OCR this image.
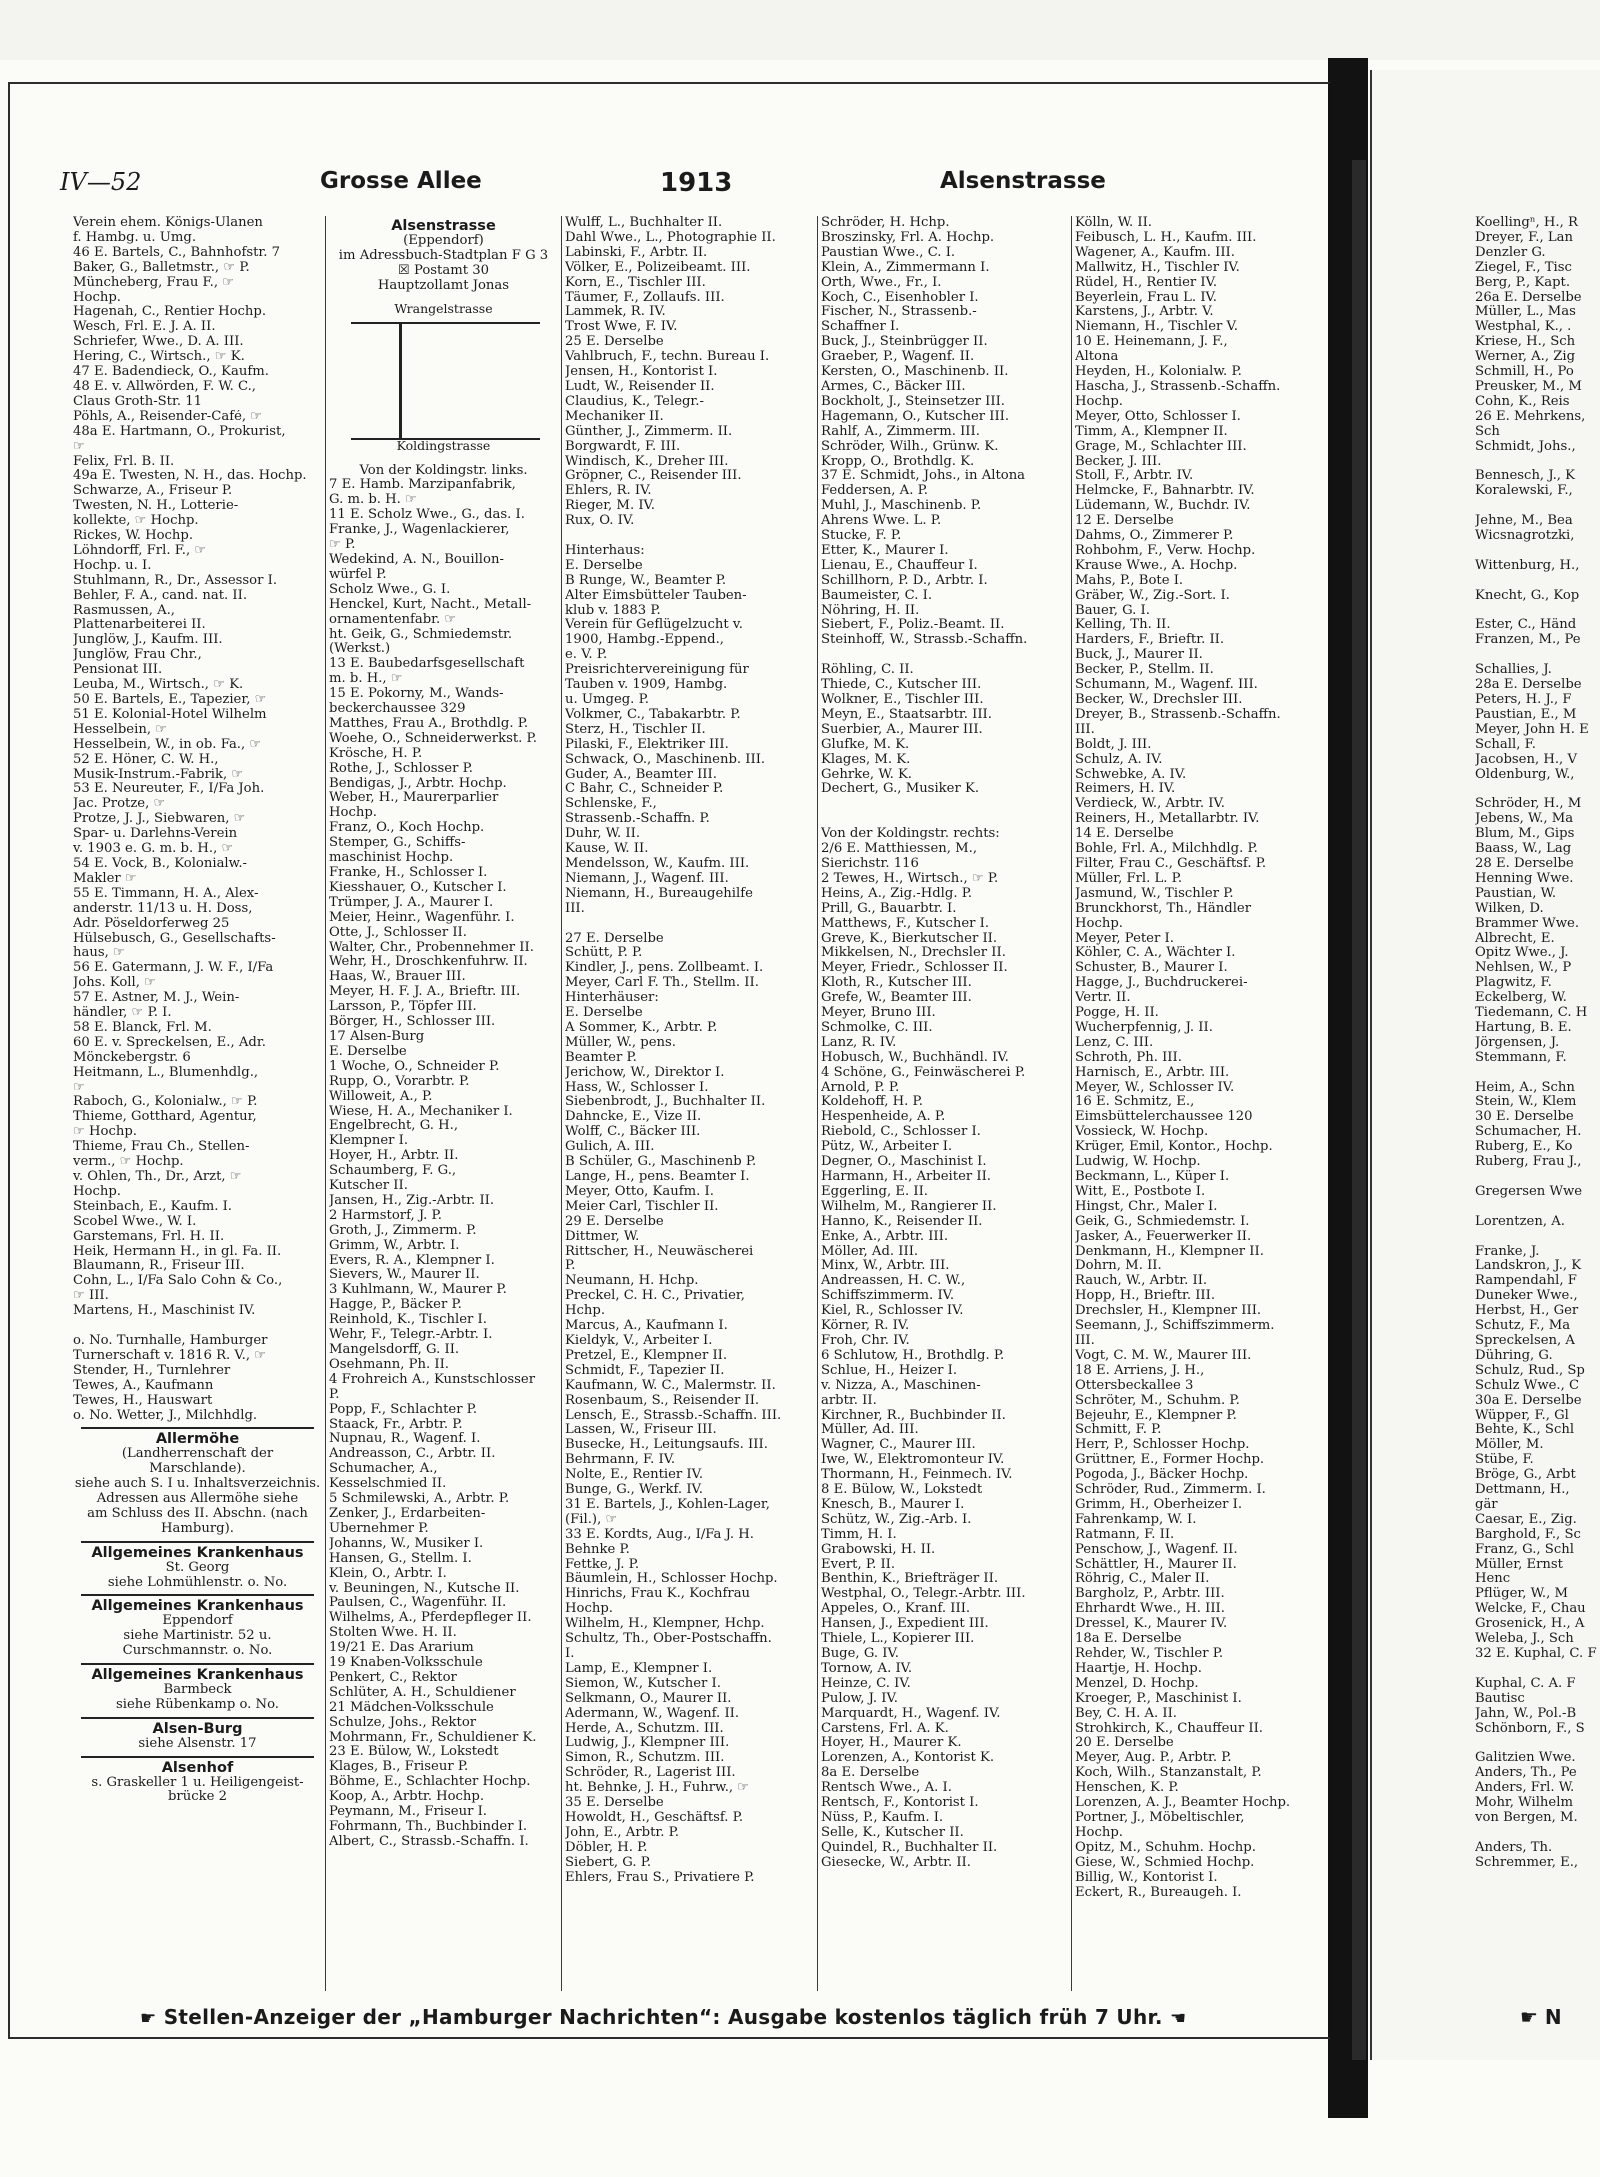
IV—52	Grosse Allee	1913	Alsenstrasse
Verein ehem. Königs-Ulanen
f. Hambg. u. Umg.
46 E. Bartels, C., Bahnhofstr. 7
Baker, G., Balletmstr., ☞ P.
Müncheberg, Frau F., ☞
Hochp.
Hagenah, C., Rentier Hochp.
Wesch, Frl. E. J. A. II.
Schriefer, Wwe., D. A. III.
Hering, C., Wirtsch., ☞ K.
47 E. Badendieck, O., Kaufm.
48 E. v. Allwörden, F. W. C.,
Claus Groth-Str. 11
Pöhls, A., Reisender-Café, ☞
48a E. Hartmann, O., Prokurist,
☞
Felix, Frl. B. II.
49a E. Twesten, N. H., das. Hochp.
Schwarze, A., Friseur P.
Twesten, N. H., Lotterie-
kollekte, ☞ Hochp.
Rickes, W. Hochp.
Löhndorff, Frl. F., ☞
Hochp. u. I.
Stuhlmann, R., Dr., Assessor I.
Behler, F. A., cand. nat. II.
Rasmussen, A.,
Plattenarbeiterei II.
Junglöw, J., Kaufm. III.
Junglöw, Frau Chr.,
Pensionat III.
Leuba, M., Wirtsch., ☞ K.
50 E. Bartels, E., Tapezier, ☞
51 E. Kolonial-Hotel Wilhelm
Hesselbein, ☞
Hesselbein, W., in ob. Fa., ☞
52 E. Höner, C. W. H.,
Musik-Instrum.-Fabrik, ☞
53 E. Neureuter, F., I/Fa Joh.
Jac. Protze, ☞
Protze, J. J., Siebwaren, ☞
Spar- u. Darlehns-Verein
v. 1903 e. G. m. b. H., ☞
54 E. Vock, B., Kolonialw.-
Makler ☞
55 E. Timmann, H. A., Alex-
anderstr. 11/13 u. H. Doss,
Adr. Pöseldorferweg 25
Hülsebusch, G., Gesellschafts-
haus, ☞
56 E. Gatermann, J. W. F., I/Fa
Johs. Koll, ☞
57 E. Astner, M. J., Wein-
händler, ☞ P. I.
58 E. Blanck, Frl. M.
60 E. v. Spreckelsen, E., Adr.
Mönckebergstr. 6
Heitmann, L., Blumenhdlg.,
☞
Raboch, G., Kolonialw., ☞ P.
Thieme, Gotthard, Agentur,
☞ Hochp.
Thieme, Frau Ch., Stellen-
verm., ☞ Hochp.
v. Ohlen, Th., Dr., Arzt, ☞
Hochp.
Steinbach, E., Kaufm. I.
Scobel Wwe., W. I.
Garstemans, Frl. H. II.
Heik, Hermann H., in gl. Fa. II.
Blaumann, R., Friseur III.
Cohn, L., I/Fa Salo Cohn & Co.,
☞ III.
Martens, H., Maschinist IV.

o. No. Turnhalle, Hamburger
Turnerschaft v. 1816 R. V., ☞
Stender, H., Turnlehrer
Tewes, A., Kaufmann
Tewes, H., Hauswart
o. No. Wetter, J., Milchhdlg.
Allermöhe
(Landherrenschaft der
Marschlande).
siehe auch S. I u. Inhaltsverzeichnis.
Adressen aus Allermöhe siehe
am Schluss des II. Abschn. (nach
Hamburg).
Allgemeines Krankenhaus
St. Georg
siehe Lohmühlenstr. o. No.
Allgemeines Krankenhaus
Eppendorf
siehe Martinistr. 52 u.
Curschmannstr. o. No.
Allgemeines Krankenhaus
Barmbeck
siehe Rübenkamp o. No.
Alsen-Burg
siehe Alsenstr. 17
Alsenhof
s. Graskeller 1 u. Heiligengeist-
brücke 2
Alsenstrasse
(Eppendorf)
im Adressbuch-Stadtplan F G 3
☒ Postamt 30
Hauptzollamt Jonas
Wrangelstrasse
Koldingstrasse
Von der Koldingstr. links.
7 E. Hamb. Marzipanfabrik,
G. m. b. H. ☞
11 E. Scholz Wwe., G., das. I.
Franke, J., Wagenlackierer,
☞ P.
Wedekind, A. N., Bouillon-
würfel P.
Scholz Wwe., G. I.
Henckel, Kurt, Nacht., Metall-
ornamentenfabr. ☞
ht. Geik, G., Schmiedemstr.
(Werkst.)
13 E. Baubedarfsgesellschaft
m. b. H., ☞
15 E. Pokorny, M., Wands-
beckerchaussee 329
Matthes, Frau A., Brothdlg. P.
Woehe, O., Schneiderwerkst. P.
Krösche, H. P.
Rothe, J., Schlosser P.
Bendigas, J., Arbtr. Hochp.
Weber, H., Maurerparlier
Hochp.
Franz, O., Koch Hochp.
Stemper, G., Schiffs-
maschinist Hochp.
Franke, H., Schlosser I.
Kiesshauer, O., Kutscher I.
Trümper, J. A., Maurer I.
Meier, Heinr., Wagenführ. I.
Otte, J., Schlosser II.
Walter, Chr., Probennehmer II.
Wehr, H., Droschkenfuhrw. II.
Haas, W., Brauer III.
Meyer, H. F. J. A., Brieftr. III.
Larsson, P., Töpfer III.
Börger, H., Schlosser III.
17 Alsen-Burg
E. Derselbe
1 Woche, O., Schneider P.
Rupp, O., Vorarbtr. P.
Willoweit, A., P.
Wiese, H. A., Mechaniker I.
Engelbrecht, G. H.,
Klempner I.
Hoyer, H., Arbtr. II.
Schaumberg, F. G.,
Kutscher II.
Jansen, H., Zig.-Arbtr. II.
2 Harmstorf, J. P.
Groth, J., Zimmerm. P.
Grimm, W., Arbtr. I.
Evers, R. A., Klempner I.
Sievers, W., Maurer II.
3 Kuhlmann, W., Maurer P.
Hagge, P., Bäcker P.
Reinhold, K., Tischler I.
Wehr, F., Telegr.-Arbtr. I.
Mangelsdorff, G. II.
Osehmann, Ph. II.
4 Frohreich A., Kunstschlosser
P.
Popp, F., Schlachter P.
Staack, Fr., Arbtr. P.
Nupnau, R., Wagenf. I.
Andreasson, C., Arbtr. II.
Schumacher, A.,
Kesselschmied II.
5 Schmilewski, A., Arbtr. P.
Zenker, J., Erdarbeiten-
Übernehmer P.
Johanns, W., Musiker I.
Hansen, G., Stellm. I.
Klein, O., Arbtr. I.
v. Beuningen, N., Kutsche II.
Paulsen, C., Wagenführ. II.
Wilhelms, A., Pferdepfleger II.
Stolten Wwe. H. II.
19/21 E. Das Ärarium
19 Knaben-Volksschule
Penkert, C., Rektor
Schlüter, A. H., Schuldiener
21 Mädchen-Volksschule
Schulze, Johs., Rektor
Mohrmann, Fr., Schuldiener K.
23 E. Bülow, W., Lokstedt
Klages, B., Friseur P.
Böhme, E., Schlachter Hochp.
Koop, A., Arbtr. Hochp.
Peymann, M., Friseur I.
Fohrmann, Th., Buchbinder I.
Albert, C., Strassb.-Schaffn. I.
Wulff, L., Buchhalter II.
Dahl Wwe., L., Photographie II.
Labinski, F., Arbtr. II.
Völker, E., Polizeibeamt. III.
Korn, E., Tischler III.
Täumer, F., Zollaufs. III.
Lammek, R. IV.
Trost Wwe, F. IV.
25 E. Derselbe
Vahlbruch, F., techn. Bureau I.
Jensen, H., Kontorist I.
Ludt, W., Reisender II.
Claudius, K., Telegr.-
Mechaniker II.
Günther, J., Zimmerm. II.
Borgwardt, F. III.
Windisch, K., Dreher III.
Gröpner, C., Reisender III.
Ehlers, R. IV.
Rieger, M. IV.
Rux, O. IV.

Hinterhaus:
E. Derselbe
B Runge, W., Beamter P.
Alter Eimsbütteler Tauben-
klub v. 1883 P.
Verein für Geflügelzucht v.
1900, Hambg.-Eppend.,
e. V. P.
Preisrichtervereinigung für
Tauben v. 1909, Hambg.
u. Umgeg. P.
Volkmer, C., Tabakarbtr. P.
Sterz, H., Tischler II.
Pilaski, F., Elektriker III.
Schwack, O., Maschinenb. III.
Guder, A., Beamter III.
C Bahr, C., Schneider P.
Schlenske, F.,
Strassenb.-Schaffn. P.
Duhr, W. II.
Kause, W. II.
Mendelsson, W., Kaufm. III.
Niemann, J., Wagenf. III.
Niemann, H., Bureaugehilfe
III.

27 E. Derselbe
Schütt, P. P.
Kindler, J., pens. Zollbeamt. I.
Meyer, Carl F. Th., Stellm. II.
Hinterhäuser:
E. Derselbe
A Sommer, K., Arbtr. P.
Müller, W., pens.
Beamter P.
Jerichow, W., Direktor I.
Hass, W., Schlosser I.
Siebenbrodt, J., Buchhalter II.
Dahncke, E., Vize II.
Wolff, C., Bäcker III.
Gulich, A. III.
B Schüler, G., Maschinenb P.
Lange, H., pens. Beamter I.
Meyer, Otto, Kaufm. I.
Meier Carl, Tischler II.
29 E. Derselbe
Dittmer, W.
Rittscher, H., Neuwäscherei
P.
Neumann, H. Hchp.
Preckel, C. H. C., Privatier,
Hchp.
Marcus, A., Kaufmann I.
Kieldyk, V., Arbeiter I.
Pretzel, E., Klempner II.
Schmidt, F., Tapezier II.
Kaufmann, W. C., Malermstr. II.
Rosenbaum, S., Reisender II.
Lensch, E., Strassb.-Schaffn. III.
Lassen, W., Friseur III.
Busecke, H., Leitungsaufs. III.
Behrmann, F. IV.
Nolte, E., Rentier IV.
Bunge, G., Werkf. IV.
31 E. Bartels, J., Kohlen-Lager,
(Fil.), ☞
33 E. Kordts, Aug., I/Fa J. H.
Behnke P.
Fettke, J. P.
Bäumlein, H., Schlosser Hochp.
Hinrichs, Frau K., Kochfrau
Hochp.
Wilhelm, H., Klempner, Hchp.
Schultz, Th., Ober-Postschaffn.
I.
Lamp, E., Klempner I.
Siemon, W., Kutscher I.
Selkmann, O., Maurer II.
Adermann, W., Wagenf. II.
Herde, A., Schutzm. III.
Ludwig, J., Klempner III.
Simon, R., Schutzm. III.
Schröder, R., Lagerist III.
ht. Behnke, J. H., Fuhrw., ☞
35 E. Derselbe
Howoldt, H., Geschäftsf. P.
John, E., Arbtr. P.
Döbler, H. P.
Siebert, G. P.
Ehlers, Frau S., Privatiere P.
Schröder, H. Hchp.
Broszinsky, Frl. A. Hochp.
Paustian Wwe., C. I.
Klein, A., Zimmermann I.
Orth, Wwe., Fr., I.
Koch, C., Eisenhobler I.
Fischer, N., Strassenb.-
Schaffner I.
Buck, J., Steinbrügger II.
Graeber, P., Wagenf. II.
Kersten, O., Maschinenb. II.
Armes, C., Bäcker III.
Bockholt, J., Steinsetzer III.
Hagemann, O., Kutscher III.
Rahlf, A., Zimmerm. III.
Schröder, Wilh., Grünw. K.
Kropp, O., Brothdlg. K.
37 E. Schmidt, Johs., in Altona
Feddersen, A. P.
Muhl, J., Maschinenb. P.
Ahrens Wwe. L. P.
Stucke, F. P.
Etter, K., Maurer I.
Lienau, E., Chauffeur I.
Schillhorn, P. D., Arbtr. I.
Baumeister, C. I.
Nöhring, H. II.
Siebert, F., Poliz.-Beamt. II.
Steinhoff, W., Strassb.-Schaffn.

Röhling, C. II.
Thiede, C., Kutscher III.
Wolkner, E., Tischler III.
Meyn, E., Staatsarbtr. III.
Suerbier, A., Maurer III.
Glufke, M. K.
Klages, M. K.
Gehrke, W. K.
Dechert, G., Musiker K.

Von der Koldingstr. rechts:
2/6 E. Matthiessen, M.,
Sierichstr. 116
2 Tewes, H., Wirtsch., ☞ P.
Heins, A., Zig.-Hdlg. P.
Prill, G., Bauarbtr. I.
Matthews, F., Kutscher I.
Greve, K., Bierkutscher II.
Mikkelsen, N., Drechsler II.
Meyer, Friedr., Schlosser II.
Kloth, R., Kutscher III.
Grefe, W., Beamter III.
Meyer, Bruno III.
Schmolke, C. III.
Lanz, R. IV.
Hobusch, W., Buchhändl. IV.
4 Schöne, G., Feinwäscherei P.
Arnold, P. P.
Koldehoff, H. P.
Hespenheide, A. P.
Riebold, C., Schlosser I.
Pütz, W., Arbeiter I.
Degner, O., Maschinist I.
Harmann, H., Arbeiter II.
Eggerling, E. II.
Wilhelm, M., Rangierer II.
Hanno, K., Reisender II.
Enke, A., Arbtr. III.
Möller, Ad. III.
Minx, W., Arbtr. III.
Andreassen, H. C. W.,
Schiffszimmerm. IV.
Kiel, R., Schlosser IV.
Körner, R. IV.
Froh, Chr. IV.
6 Schlutow, H., Brothdlg. P.
Schlue, H., Heizer I.
v. Nizza, A., Maschinen-
arbtr. II.
Kirchner, R., Buchbinder II.
Müller, Ad. III.
Wagner, C., Maurer III.
Iwe, W., Elektromonteur IV.
Thormann, H., Feinmech. IV.
8 E. Bülow, W., Lokstedt
Knesch, B., Maurer I.
Schütz, W., Zig.-Arb. I.
Timm, H. I.
Grabowski, H. II.
Evert, P. II.
Benthin, K., Briefträger II.
Westphal, O., Telegr.-Arbtr. III.
Appeles, O., Kranf. III.
Hansen, J., Expedient III.
Thiele, L., Kopierer III.
Buge, G. IV.
Tornow, A. IV.
Heinze, C. IV.
Pulow, J. IV.
Marquardt, H., Wagenf. IV.
Carstens, Frl. A. K.
Hoyer, H., Maurer K.
Lorenzen, A., Kontorist K.
8a E. Derselbe
Rentsch Wwe., A. I.
Rentsch, F., Kontorist I.
Nüss, P., Kaufm. I.
Selle, K., Kutscher II.
Quindel, R., Buchhalter II.
Giesecke, W., Arbtr. II.
Kölln, W. II.
Feibusch, L. H., Kaufm. III.
Wagener, A., Kaufm. III.
Mallwitz, H., Tischler IV.
Rüdel, H., Rentier IV.
Beyerlein, Frau L. IV.
Karstens, J., Arbtr. V.
Niemann, H., Tischler V.
10 E. Heinemann, J. F.,
Altona
Heyden, H., Kolonialw. P.
Hascha, J., Strassenb.-Schaffn.
Hochp.
Meyer, Otto, Schlosser I.
Timm, A., Klempner II.
Grage, M., Schlachter III.
Becker, J. III.
Stoll, F., Arbtr. IV.
Helmcke, F., Bahnarbtr. IV.
Lüdemann, W., Buchdr. IV.
12 E. Derselbe
Dahms, O., Zimmerer P.
Rohbohm, F., Verw. Hochp.
Krause Wwe., A. Hochp.
Mahs, P., Bote I.
Gräber, W., Zig.-Sort. I.
Bauer, G. I.
Kelling, Th. II.
Harders, F., Brieftr. II.
Buck, J., Maurer II.
Becker, P., Stellm. II.
Schumann, M., Wagenf. III.
Becker, W., Drechsler III.
Dreyer, B., Strassenb.-Schaffn.
III.
Boldt, J. III.
Schulz, A. IV.
Schwebke, A. IV.
Reimers, H. IV.
Verdieck, W., Arbtr. IV.
Reiners, H., Metallarbtr. IV.
14 E. Derselbe
Bohle, Frl. A., Milchhdlg. P.
Filter, Frau C., Geschäftsf. P.
Müller, Frl. L. P.
Jasmund, W., Tischler P.
Brunckhorst, Th., Händler
Hochp.
Meyer, Peter I.
Köhler, C. A., Wächter I.
Schuster, B., Maurer I.
Hagge, J., Buchdruckerei-
Vertr. II.
Pogge, H. II.
Wucherpfennig, J. II.
Lenz, C. III.
Schroth, Ph. III.
Harnisch, E., Arbtr. III.
Meyer, W., Schlosser IV.
16 E. Schmitz, E.,
Eimsbüttelerchaussee 120
Vossieck, W. Hochp.
Krüger, Emil, Kontor., Hochp.
Ludwig, W. Hochp.
Beckmann, L., Küper I.
Witt, E., Postbote I.
Hingst, Chr., Maler I.
Geik, G., Schmiedemstr. I.
Jasker, A., Feuerwerker II.
Denkmann, H., Klempner II.
Dohrn, M. II.
Rauch, W., Arbtr. II.
Hopp, H., Brieftr. III.
Drechsler, H., Klempner III.
Seemann, J., Schiffszimmerm.
III.
Vogt, C. M. W., Maurer III.
18 E. Arriens, J. H.,
Ottersbeckallee 3
Schröter, M., Schuhm. P.
Bejeuhr, E., Klempner P.
Schmitt, F. P.
Herr, P., Schlosser Hochp.
Grüttner, E., Former Hochp.
Pogoda, J., Bäcker Hochp.
Schröder, Rud., Zimmerm. I.
Grimm, H., Oberheizer I.
Fahrenkamp, W. I.
Ratmann, F. II.
Penschow, J., Wagenf. II.
Schättler, H., Maurer II.
Röhrig, C., Maler II.
Bargholz, P., Arbtr. III.
Ehrhardt Wwe., H. III.
Dressel, K., Maurer IV.
18a E. Derselbe
Rehder, W., Tischler P.
Haartje, H. Hochp.
Menzel, D. Hochp.
Kroeger, P., Maschinist I.
Bey, C. H. A. II.
Strohkirch, K., Chauffeur II.
20 E. Derselbe
Meyer, Aug. P., Arbtr. P.
Koch, Wilh., Stanzanstalt, P.
Henschen, K. P.
Lorenzen, A. J., Beamter Hochp.
Portner, J., Möbeltischler,
Hochp.
Opitz, M., Schuhm. Hochp.
Giese, W., Schmied Hochp.
Billig, W., Kontorist I.
Eckert, R., Bureaugeh. I.
Koellingⁿ, H., R
Dreyer, F., Lan
Denzler G.
Ziegel, F., Tisc
Berg, P., Kapt.
26a E. Derselbe
Müller, L., Mas
Westphal, K., .
Kriese, H., Sch
Werner, A., Zig
Schmill, H., Po
Preusker, M., M
Cohn, K., Reis
26 E. Mehrkens,
Sch
Schmidt, Johs.,

Bennesch, J., K
Koralewski, F.,

Jehne, M., Bea
Wicsnagrotzki,

Wittenburg, H.,

Knecht, G., Kop

Ester, C., Händ
Franzen, M., Pe

Schallies, J.
28a E. Derselbe
Peters, H. J., F
Paustian, E., M
Meyer, John H. E
Schall, F.
Jacobsen, H., V
Oldenburg, W.,

Schröder, H., M
Jebens, W., Ma
Blum, M., Gips
Baass, W., Lag
28 E. Derselbe
Henning Wwe.
Paustian, W.
Wilken, D.
Brammer Wwe.
Albrecht, E.
Opitz Wwe., J.
Nehlsen, W., P
Plagwitz, F.
Eckelberg, W.
Tiedemann, C. H
Hartung, B. E.
Jörgensen, J.
Stemmann, F.

Heim, A., Schn
Stein, W., Klem
30 E. Derselbe
Schumacher, H.
Ruberg, E., Ko
Ruberg, Frau J.,

Gregersen Wwe

Lorentzen, A.

Franke, J.
Landskron, J., K
Rampendahl, F
Duneker Wwe.,
Herbst, H., Ger
Schutz, F., Ma
Spreckelsen, A
Dühring, G.
Schulz, Rud., Sp
Schulz Wwe., C
30a E. Derselbe
Wüpper, F., Gl
Behte, K., Schl
Möller, M.
Stübe, F.
Bröge, G., Arbt
Dettmann, H.,
gär
Caesar, E., Zig.
Barghold, F., Sc
Franz, G., Schl
Müller, Ernst
Henc
Pflüger, W., M
Welcke, F., Chau
Grosenick, H., A
Weleba, J., Sch
32 E. Kuphal, C. F

Kuphal, C. A. F
Bautisc
Jahn, W., Pol.-B
Schönborn, F., S

Galitzien Wwe.
Anders, Th., Pe
Anders, Frl. W.
Mohr, Wilhelm
von Bergen, M.

Anders, Th.
Schremmer, E.,
☛ Stellen-Anzeiger der „Hamburger Nachrichten“: Ausgabe kostenlos täglich früh 7 Uhr. ☚	☛ N
